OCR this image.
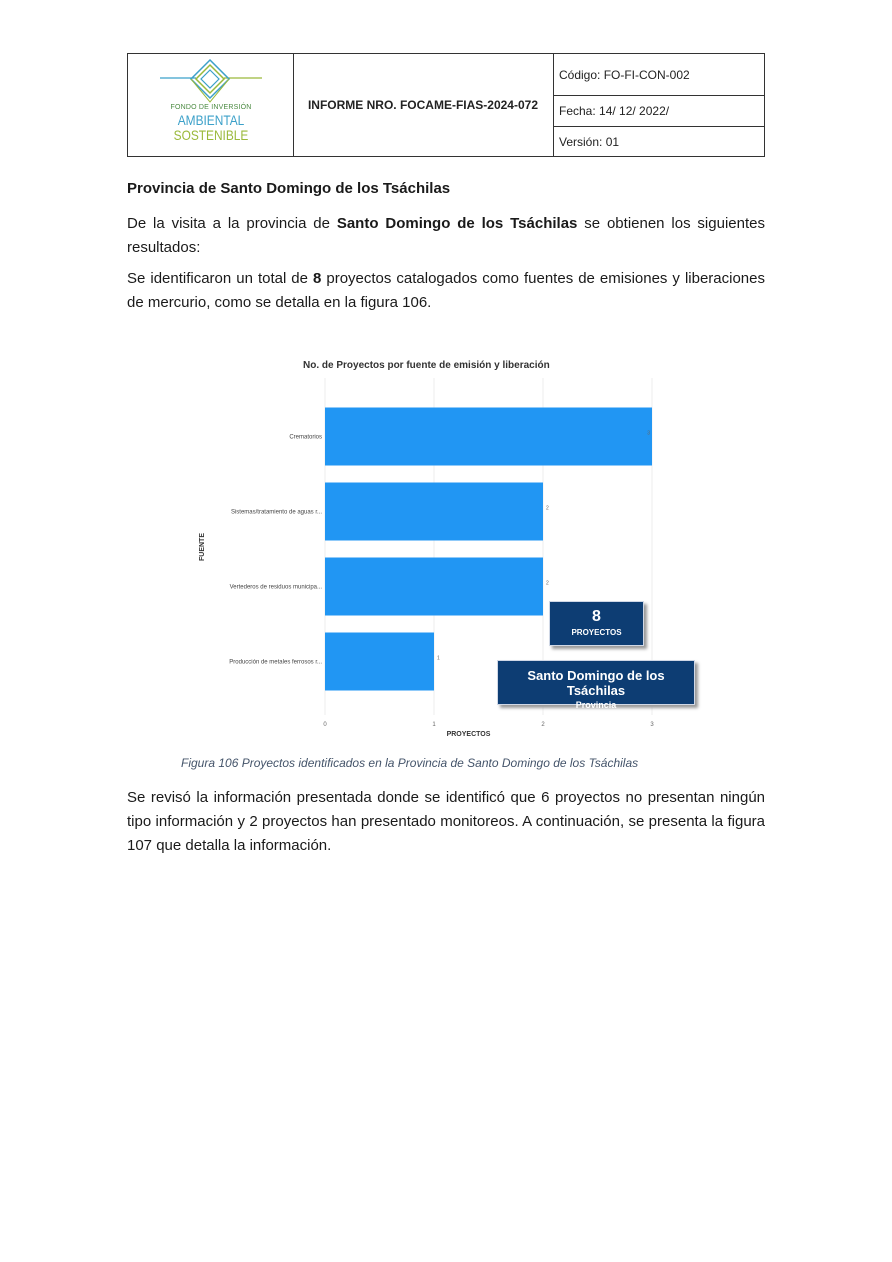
FONDO DE INVERSIÓN
AMBIENTAL
SOSTENIBLE
INFORME NRO. FOCAME-FIAS-2024-072
Código: FO-FI-CON-002
Fecha: 14/ 12/ 2022/
Versión: 01
Provincia de Santo Domingo de los Tsáchilas
De la visita a la provincia de Santo Domingo de los Tsáchilas se obtienen los siguientes resultados:
Se identificaron un total de 8 proyectos catalogados como fuentes de emisiones y liberaciones de mercurio, como se detalla en la figura 106.
No. de Proyectos por fuente de emisión y liberación
0	1	2	3
Crematorios
3
Sistemas/tratamiento de aguas r...
2
Vertederos de residuos municipa...
2
Producción de metales ferrosos r...
1
PROYECTOS
FUENTE
8
PROYECTOS
Santo Domingo de los Tsáchilas
Provincia
Figura 106 Proyectos identificados en la Provincia de Santo Domingo de los Tsáchilas
Se revisó la información presentada donde se identificó que 6 proyectos no presentan ningún tipo información y 2 proyectos han presentado monitoreos. A continuación, se presenta la figura 107 que detalla la información.
